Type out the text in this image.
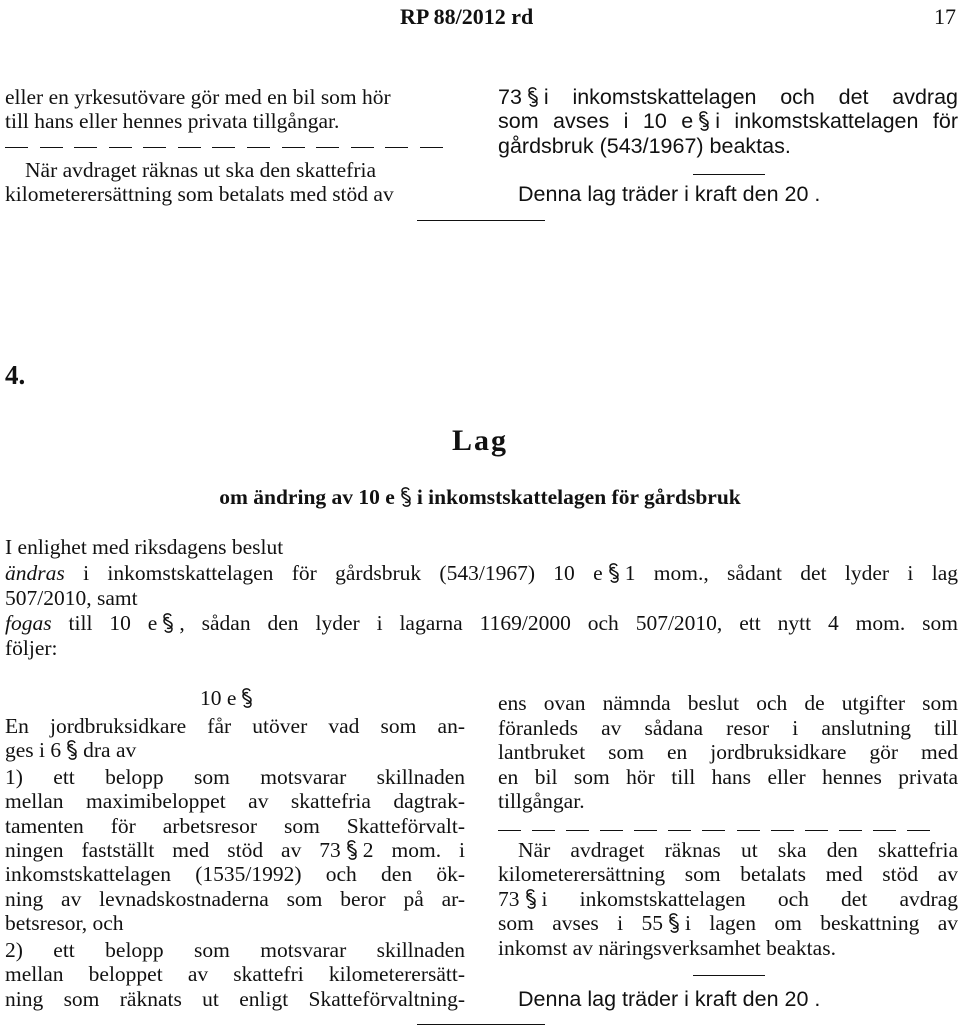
RP 88/2012 rd	17
eller en yrkesutövare gör med en bil som hör
till hans eller hennes privata tillgångar.
När avdraget räknas ut ska den skattefria
kilometerersättning som betalats med stöd av
73 i inkomstskattelagen och det avdrag
som avses i 10 e i inkomstskattelagen för
gårdsbruk (543/1967) beaktas.
Denna lag träder i kraft den 20 .
4.
Lag
om ändring av 10 e i inkomstskattelagen för gårdsbruk
I enlighet med riksdagens beslut
ändras i inkomstskattelagen för gårdsbruk (543/1967) 10 e 1 mom., sådant det lyder i lag
507/2010, samt
fogas till 10 e , sådan den lyder i lagarna 1169/2000 och 507/2010, ett nytt 4 mom. som
följer:
10 e
En jordbruksidkare får utöver vad som an-
ges i 6 dra av
1) ett belopp som motsvarar skillnaden
mellan maximibeloppet av skattefria dagtrak-
tamenten för arbetsresor som Skatteförvalt-
ningen fastställt med stöd av 73 2 mom. i
inkomstskattelagen (1535/1992) och den ök-
ning av levnadskostnaderna som beror på ar-
betsresor, och
2) ett belopp som motsvarar skillnaden
mellan beloppet av skattefri kilometerersätt-
ning som räknats ut enligt Skatteförvaltning-
ens ovan nämnda beslut och de utgifter som
föranleds av sådana resor i anslutning till
lantbruket som en jordbruksidkare gör med
en bil som hör till hans eller hennes privata
tillgångar.
När avdraget räknas ut ska den skattefria
kilometerersättning som betalats med stöd av
73 i inkomstskattelagen och det avdrag
som avses i 55 i lagen om beskattning av
inkomst av näringsverksamhet beaktas.
Denna lag träder i kraft den 20 .
